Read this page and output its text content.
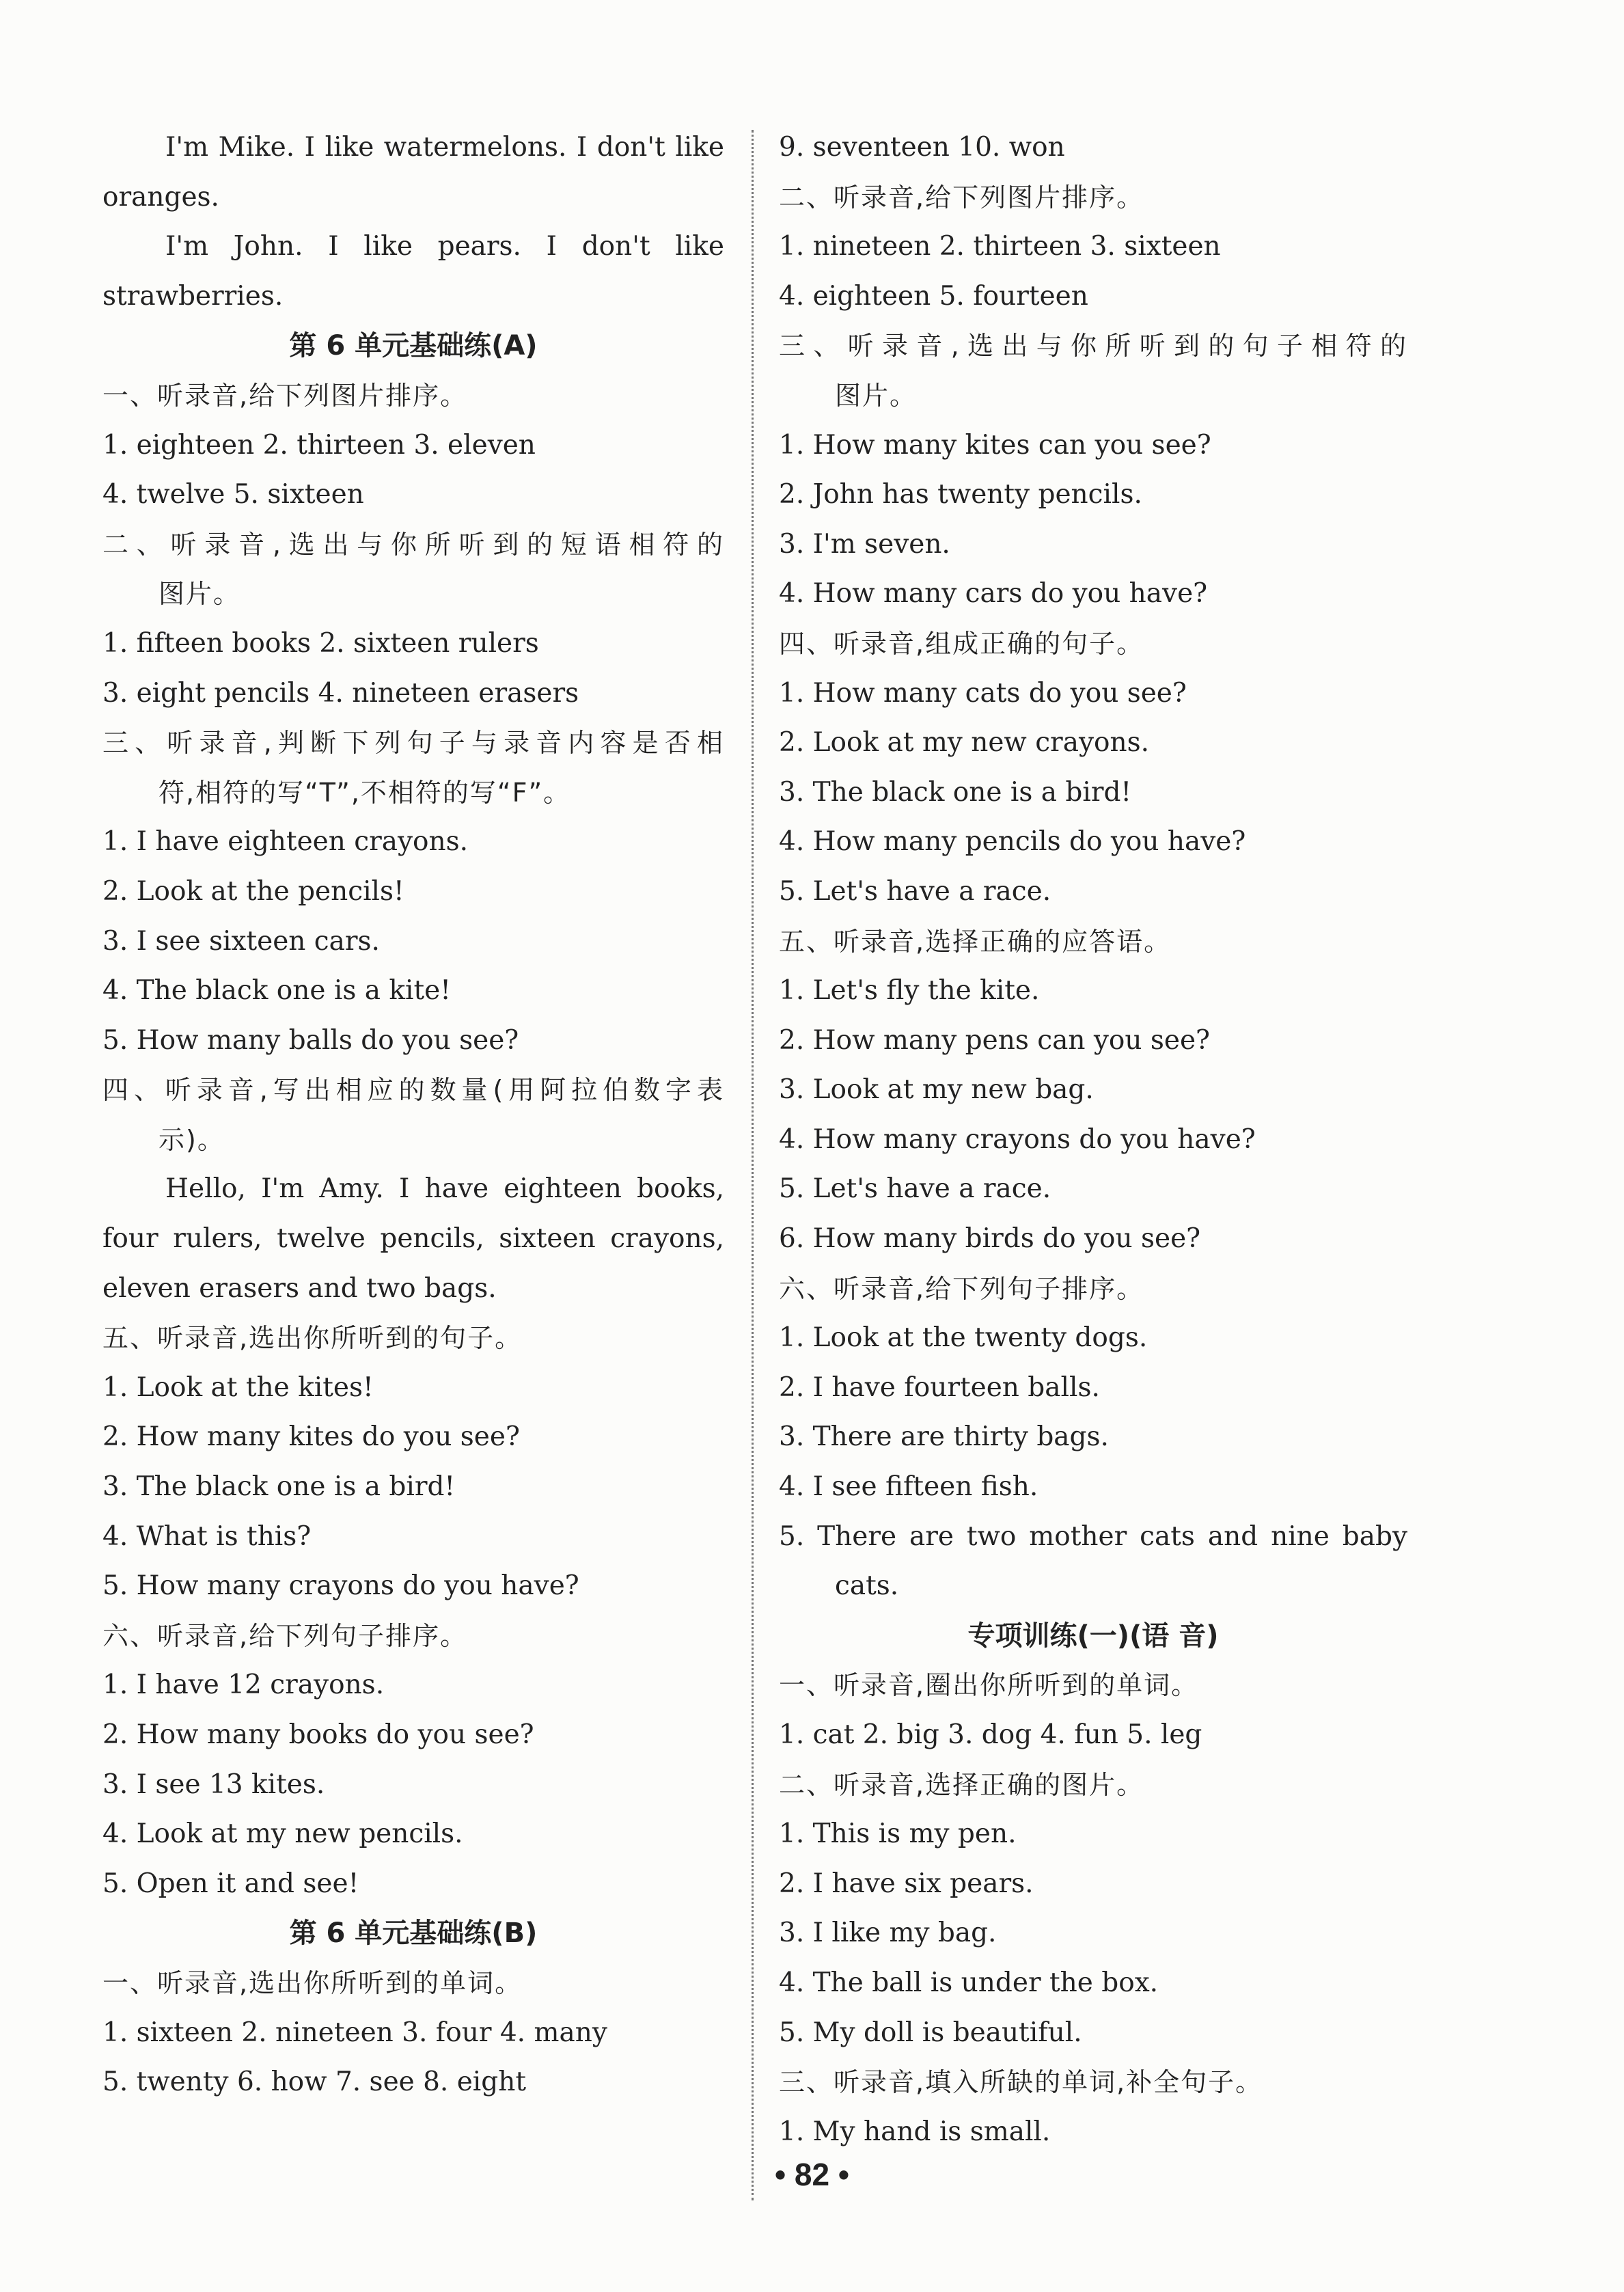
I'm Mike. I like watermelons. I don't like
oranges.
I'm John. I like pears. I don't like
strawberries.
第 6 单元基础练(A)
一、听录音,给下列图片排序。
1. eighteen 2. thirteen 3. eleven
4. twelve 5. sixteen
二、听录音,选出与你所听到的短语相符的
图片。
1. fifteen books 2. sixteen rulers
3. eight pencils 4. nineteen erasers
三、听录音,判断下列句子与录音内容是否相
符,相符的写“T”,不相符的写“F”。
1. I have eighteen crayons.
2. Look at the pencils!
3. I see sixteen cars.
4. The black one is a kite!
5. How many balls do you see?
四、听录音,写出相应的数量(用阿拉伯数字表
示)。
Hello, I'm Amy. I have eighteen books,
four rulers, twelve pencils, sixteen crayons,
eleven erasers and two bags.
五、听录音,选出你所听到的句子。
1. Look at the kites!
2. How many kites do you see?
3. The black one is a bird!
4. What is this?
5. How many crayons do you have?
六、听录音,给下列句子排序。
1. I have 12 crayons.
2. How many books do you see?
3. I see 13 kites.
4. Look at my new pencils.
5. Open it and see!
第 6 单元基础练(B)
一、听录音,选出你所听到的单词。
1. sixteen 2. nineteen 3. four 4. many
5. twenty 6. how 7. see 8. eight
9. seventeen 10. won
二、听录音,给下列图片排序。
1. nineteen 2. thirteen 3. sixteen
4. eighteen 5. fourteen
三、听录音,选出与你所听到的句子相符的
图片。
1. How many kites can you see?
2. John has twenty pencils.
3. I'm seven.
4. How many cars do you have?
四、听录音,组成正确的句子。
1. How many cats do you see?
2. Look at my new crayons.
3. The black one is a bird!
4. How many pencils do you have?
5. Let's have a race.
五、听录音,选择正确的应答语。
1. Let's fly the kite.
2. How many pens can you see?
3. Look at my new bag.
4. How many crayons do you have?
5. Let's have a race.
6. How many birds do you see?
六、听录音,给下列句子排序。
1. Look at the twenty dogs.
2. I have fourteen balls.
3. There are thirty bags.
4. I see fifteen fish.
5. There are two mother cats and nine baby
cats.
专项训练(一)(语 音)
一、听录音,圈出你所听到的单词。
1. cat 2. big 3. dog 4. fun 5. leg
二、听录音,选择正确的图片。
1. This is my pen.
2. I have six pears.
3. I like my bag.
4. The ball is under the box.
5. My doll is beautiful.
三、听录音,填入所缺的单词,补全句子。
1. My hand is small.
• 82 •
